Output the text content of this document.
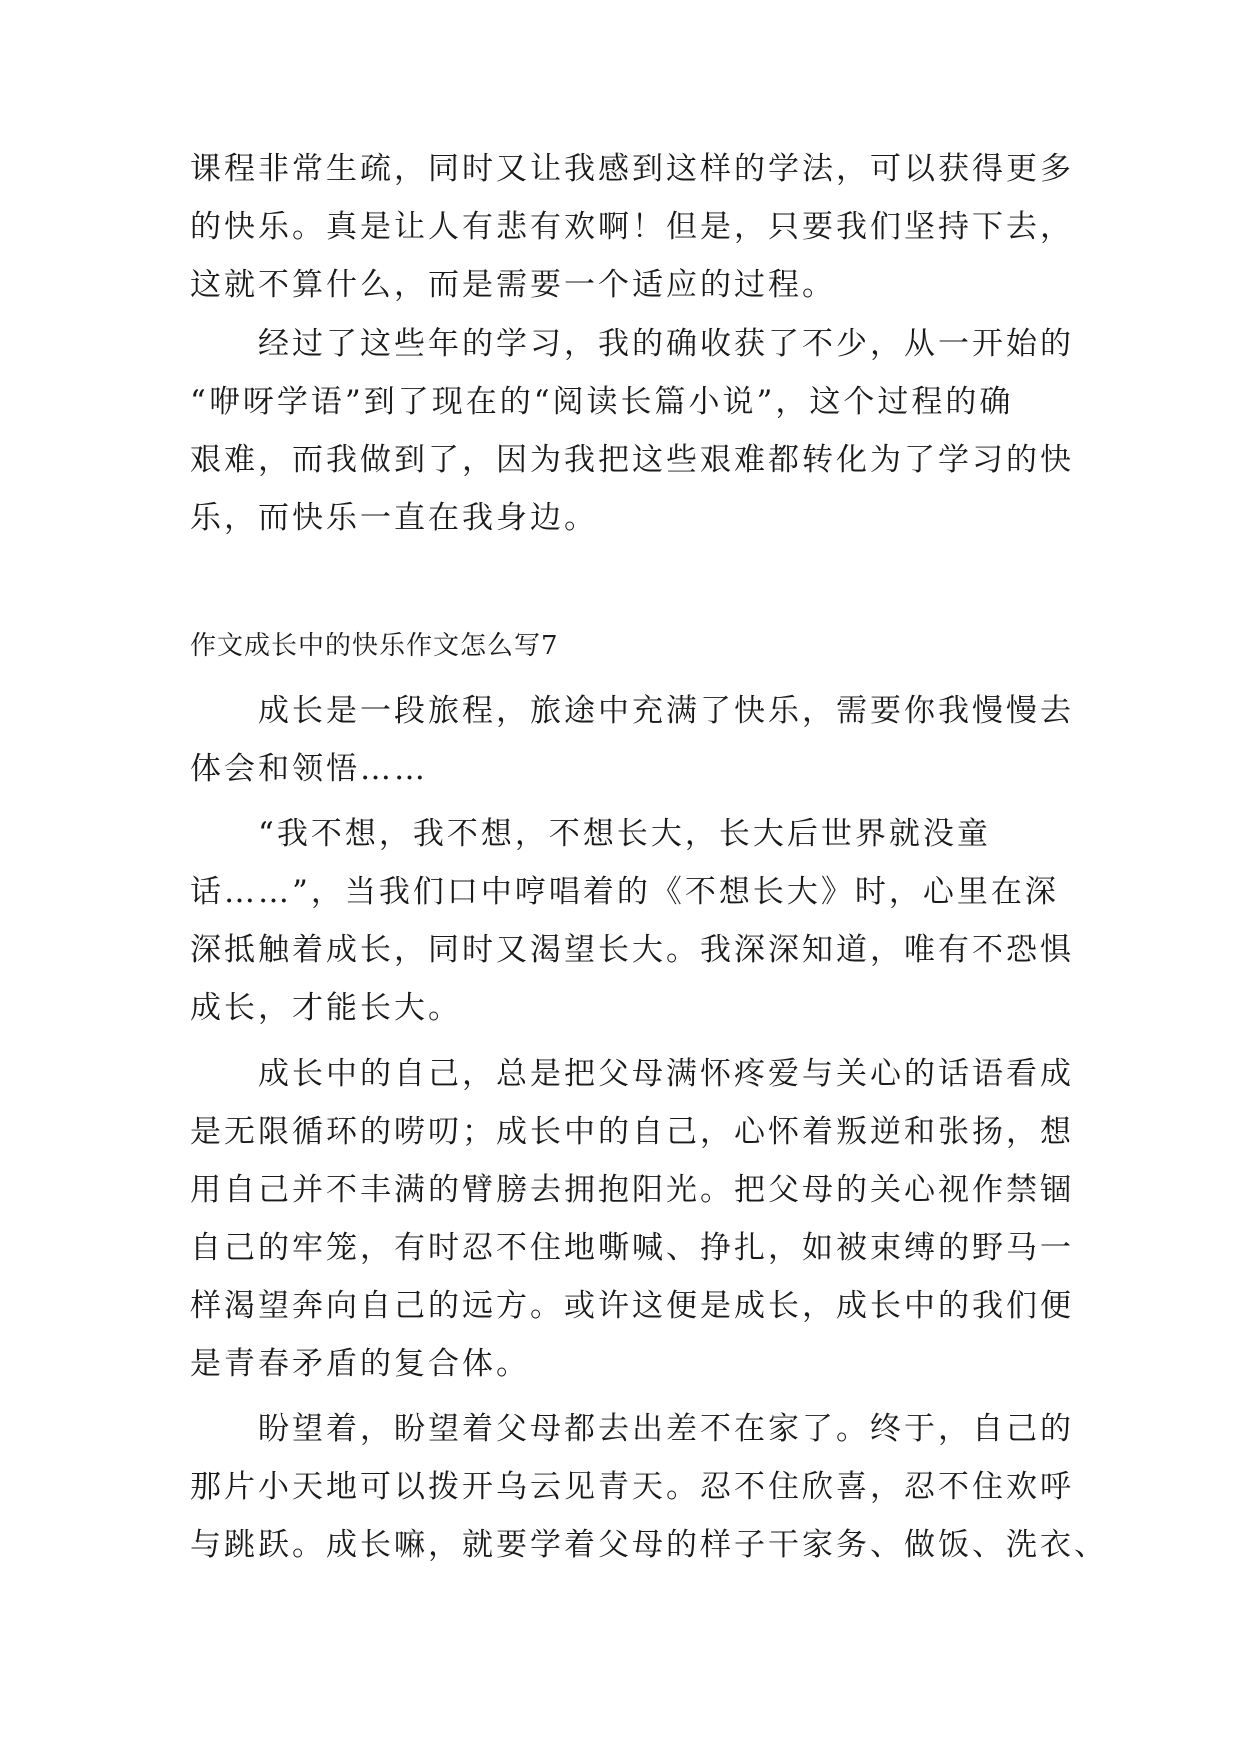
课程非常生疏，同时又让我感到这样的学法，可以获得更多
的快乐。真是让人有悲有欢啊！但是，只要我们坚持下去，
这就不算什么，而是需要一个适应的过程。
　　经过了这些年的学习，我的确收获了不少，从一开始的
“咿呀学语”到了现在的“阅读长篇小说”，这个过程的确
艰难，而我做到了，因为我把这些艰难都转化为了学习的快
乐，而快乐一直在我身边。
作文成长中的快乐作文怎么写7
　　成长是一段旅程，旅途中充满了快乐，需要你我慢慢去
体会和领悟……
　　“我不想，我不想，不想长大，长大后世界就没童
话……”，当我们口中哼唱着的《不想长大》时，心里在深
深抵触着成长，同时又渴望长大。我深深知道，唯有不恐惧
成长，才能长大。
　　成长中的自己，总是把父母满怀疼爱与关心的话语看成
是无限循环的唠叨；成长中的自己，心怀着叛逆和张扬，想
用自己并不丰满的臂膀去拥抱阳光。把父母的关心视作禁锢
自己的牢笼，有时忍不住地嘶喊、挣扎，如被束缚的野马一
样渴望奔向自己的远方。或许这便是成长，成长中的我们便
是青春矛盾的复合体。
　　盼望着，盼望着父母都去出差不在家了。终于，自己的
那片小天地可以拨开乌云见青天。忍不住欣喜，忍不住欢呼
与跳跃。成长嘛，就要学着父母的样子干家务、做饭、洗衣、
